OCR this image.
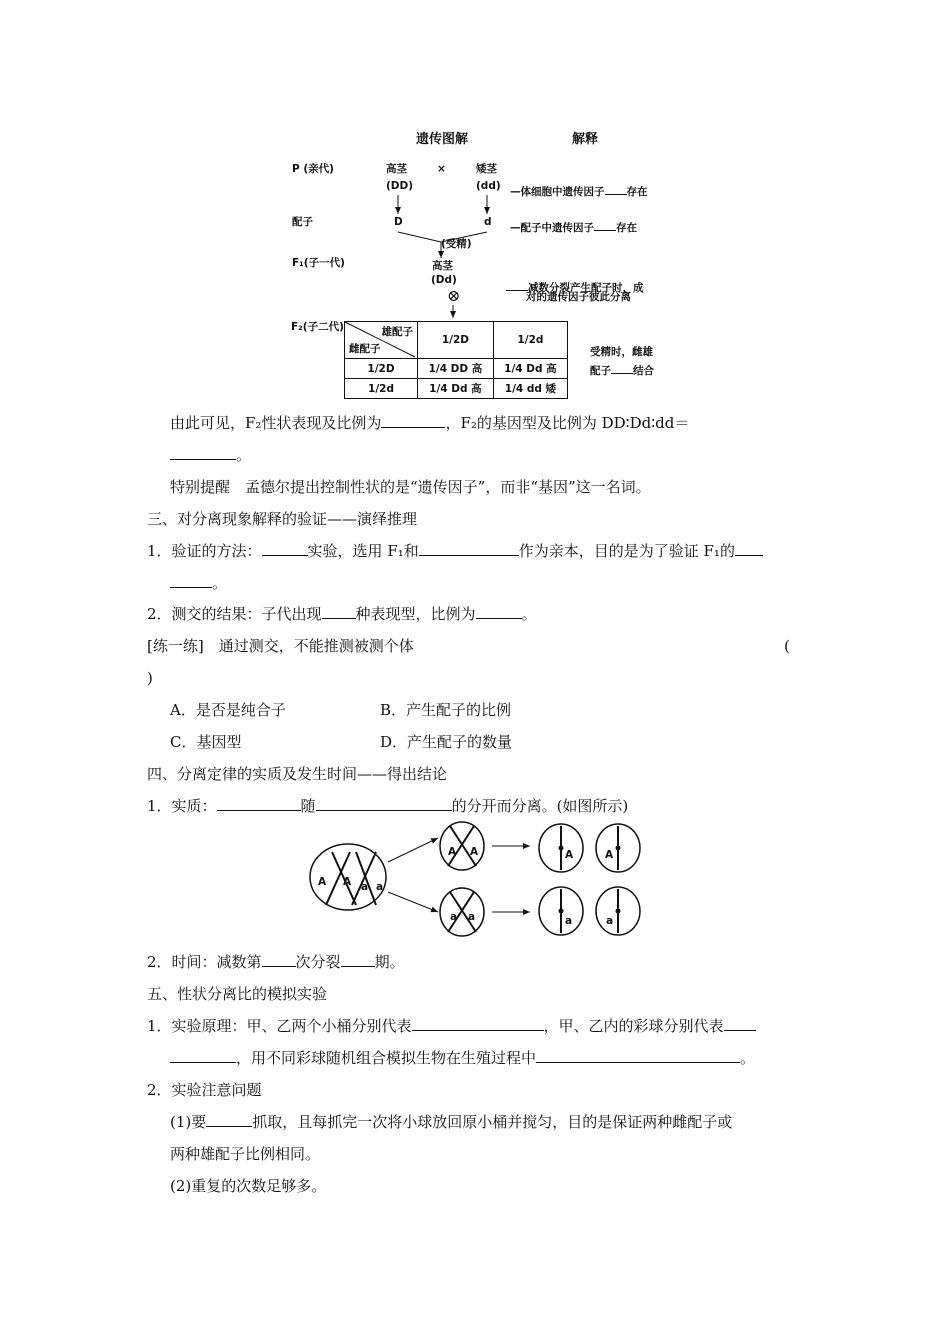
遗传图解	解释
P (亲代)	高茎	×	矮茎
(DD)	(dd) —体细胞中遗传因子 存在
配子	D	d —配子中遗传因子 存在
(受精)
F₁(子一代)	高茎
(Dd)
⊗	减数分裂产生配子时，成
对的遗传因子彼此分离
F₂(子二代)	雄配子
雌配子	1/2D	1/2d
1/2D	1/4 DD 高	1/4 Dd 高
1/2d	1/4 Dd 高	1/4 dd 矮
受精时，雌雄
配子 结合
A A a a
A A
a a
A	A
a	a
由此可见，F₂性状表现及比例为	，F₂的基因型及比例为 DD∶Dd∶dd＝
。
特别提醒　孟德尔提出控制性状的是“遗传因子”，而非“基因”这一名词。
三、对分离现象解释的验证——演绎推理
1．验证的方法：	实验，选用 F₁和	作为亲本，目的是为了验证 F₁的
。
2．测交的结果：子代出现 种表现型，比例为	。
[练一练]　通过测交，不能推测被测个体	(
)
A．是否是纯合子	B．产生配子的比例
C．基因型	D．产生配子的数量
四、分离定律的实质及发生时间——得出结论
1．实质：	随	的分开而分离。(如图所示)
2．时间：减数第 次分裂 期。
五、性状分离比的模拟实验
1．实验原理：甲、乙两个小桶分别代表	，甲、乙内的彩球分别代表
，用不同彩球随机组合模拟生物在生殖过程中	。
2．实验注意问题
(1)要	抓取，且每抓完一次将小球放回原小桶并搅匀，目的是保证两种雌配子或
两种雄配子比例相同。
(2)重复的次数足够多。
